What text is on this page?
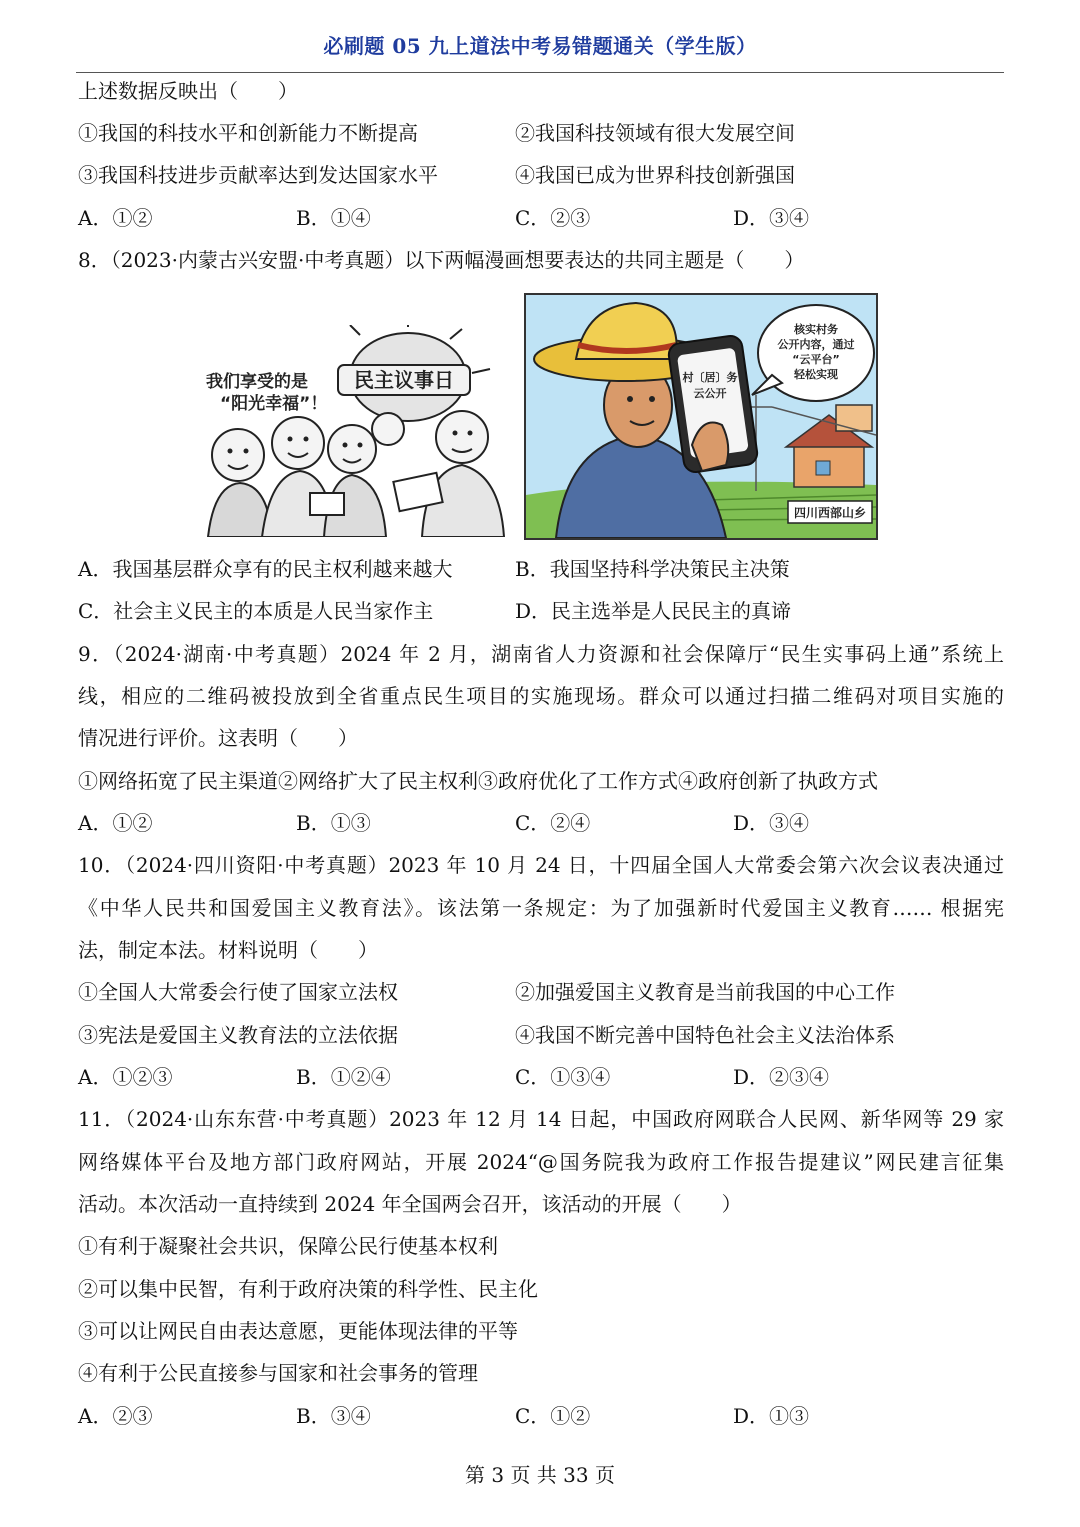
必刷题 05 九上道法中考易错题通关（学生版）
上述数据反映出（　　）
①我国的科技水平和创新能力不断提高	②我国科技领域有很大发展空间
③我国科技进步贡献率达到发达国家水平	④我国已成为世界科技创新强国
A．①②	B．①④	C．②③	D．③④
8．（2023·内蒙古兴安盟·中考真题）以下两幅漫画想要表达的共同主题是（　　）
民主议事日
我们享受的是
“阳光幸福”！
村〔居〕务
云公开
核实村务
公开内容，通过
“云平台”
轻松实现
四川西部山乡
A．我国基层群众享有的民主权利越来越大	B．我国坚持科学决策民主决策
C．社会主义民主的本质是人民当家作主	D．民主选举是人民民主的真谛
9．（2024·湖南·中考真题）2024 年 2 月，湖南省人力资源和社会保障厅“民生实事码上通”系统上
线，相应的二维码被投放到全省重点民生项目的实施现场。群众可以通过扫描二维码对项目实施的
情况进行评价。这表明（　　）
①网络拓宽了民主渠道②网络扩大了民主权利③政府优化了工作方式④政府创新了执政方式
A．①②	B．①③	C．②④	D．③④
10．（2024·四川资阳·中考真题）2023 年 10 月 24 日，十四届全国人大常委会第六次会议表决通过
《中华人民共和国爱国主义教育法》。该法第一条规定：为了加强新时代爱国主义教育…… 根据宪
法，制定本法。材料说明（　　）
①全国人大常委会行使了国家立法权	②加强爱国主义教育是当前我国的中心工作
③宪法是爱国主义教育法的立法依据	④我国不断完善中国特色社会主义法治体系
A．①②③	B．①②④	C．①③④	D．②③④
11．（2024·山东东营·中考真题）2023 年 12 月 14 日起，中国政府网联合人民网、新华网等 29 家
网络媒体平台及地方部门政府网站，开展 2024“@国务院我为政府工作报告提建议”网民建言征集
活动。本次活动一直持续到 2024 年全国两会召开，该活动的开展（　　）
①有利于凝聚社会共识，保障公民行使基本权利
②可以集中民智，有利于政府决策的科学性、民主化
③可以让网民自由表达意愿，更能体现法律的平等
④有利于公民直接参与国家和社会事务的管理
A．②③	B．③④	C．①②	D．①③
第 3 页 共 33 页
